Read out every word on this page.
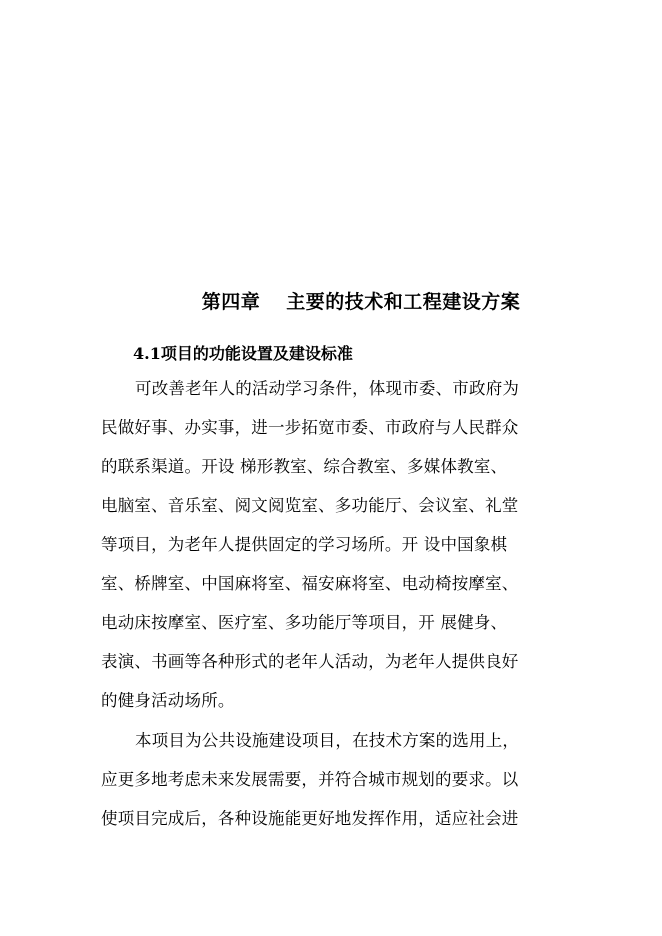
第四章 主要的技术和工程建设方案
4.1项目的功能设置及建设标准
可改善老年人的活动学习条件，体现市委、市政府为
民做好事、办实事，进一步拓宽市委、市政府与人民群众
的联系渠道。开设 梯形教室、综合教室、多媒体教室、
电脑室、音乐室、阅文阅览室、多功能厅、会议室、礼堂
等项目，为老年人提供固定的学习场所。开 设中国象棋
室、桥牌室、中国麻将室、福安麻将室、电动椅按摩室、
电动床按摩室、医疗室、多功能厅等项目，开 展健身、
表演、书画等各种形式的老年人活动，为老年人提供良好
的健身活动场所。
本项目为公共设施建设项目，在技术方案的选用上，
应更多地考虑未来发展需要，并符合城市规划的要求。以
使项目完成后，各种设施能更好地发挥作用，适应社会进
